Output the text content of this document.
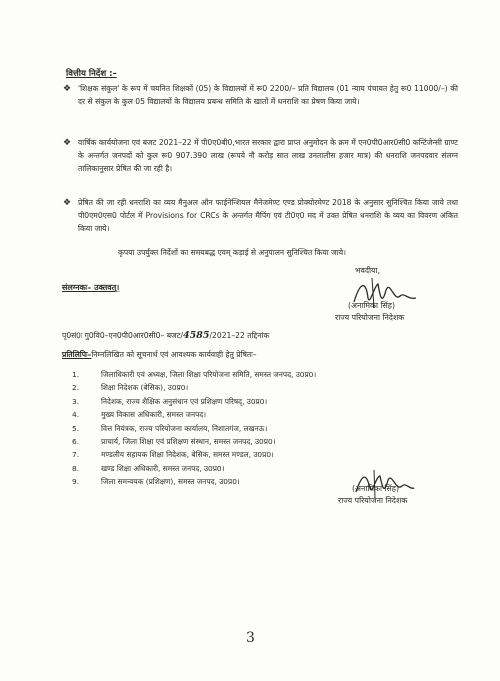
वित्तीय निर्देश :–
❖ 'शिक्षक संकुल' के रूप में चयनित शिक्षकों (05) के विद्यालयों में रू0 2200/– प्रति विद्यालय (01 न्याय पंचायत हेतु रू0 11000/–) की दर से संकुल के कुल 05 विद्यालयों के विद्यालय प्रबन्ध समिति के खातों में धनराशि का प्रेषण किया जाये।
❖ वार्षिक कार्ययोजना एवं बजट 2021–22 में पी0ए0बी0,भारत सरकार द्वारा प्राप्त अनुमोदन के क्रम में एन0पी0आर0सी0 कन्टिंजेन्सी ग्राण्ट के अन्तर्गत जनपदों को कुल रू0 907.390 लाख (रूपये नौ करोड़ सात लाख उनतालीस हजार मात्र) की धनराशि जनपदवार संलग्न तालिकानुसार प्रेषित की जा रही है।
❖ प्रेषित की जा रही धनराशि का व्यय मैनुअल ऑन फाईनेन्शियल मैनेजमेण्ट एण्ड प्रोक्योरमेण्ट 2018 के अनुसार सुनिश्चित किया जाये तथा पी0एम0एस0 पोर्टल में Provisions for CRCs के अन्तर्गत मैपिंग एवं टी0ए0 मद में उक्त प्रेषित धनराशि के व्यय का विवरण अंकित किया जाये।
कृपया उपर्युक्त निर्देशों का समयबद्ध एवम् कड़ाई से अनुपालन सुनिश्चित किया जाये।
संलग्नकः– उक्तवत्।
भवदीया,
(अनामिका सिंह)
राज्य परियोजना निदेशक
पृ0सं0ः गु0वि0–एन0पी0आर0सी0– बजट/4585/2021–22 तद्दिनांक
प्रतिलिपिः–निम्नलिखित को सूचनार्थ एवं आवश्यक कार्यवाही हेतु प्रेषितः–
1.	जिलाधिकारी एवं अध्यक्ष, जिला शिक्षा परियोजना समिति, समस्त जनपद, उ0प्र0।
2.	शिक्षा निदेशक (बेसिक), उ0प्र0।
3.	निदेशक, राज्य शैक्षिक अनुसंधान एवं प्रशिक्षण परिषद्, उ0प्र0।
4.	मुख्य विकास अधिकारी, समस्त जनपद।
5.	वित्त नियंत्रक, राज्य परियोजना कार्यालय, निशातगंज, लखनऊ।
6.	प्राचार्य, जिला शिक्षा एवं प्रशिक्षण संस्थान, समस्त जनपद, उ0प्र0।
7.	मण्डलीय सहायक शिक्षा निदेशक, बेसिक, समस्त मण्डल, उ0प्र0।
8.	खण्ड शिक्षा अधिकारी, समस्त जनपद, उ0प्र0।
9.	जिला समन्वयक (प्रशिक्षण), समस्त जनपद, उ0प्र0।
(अनामिका सिंह)
राज्य परियोजना निदेशक
3
